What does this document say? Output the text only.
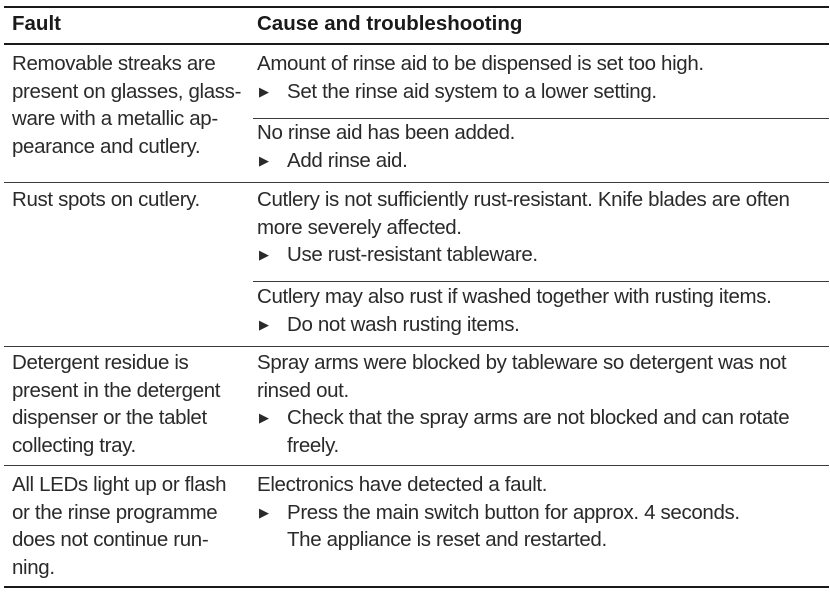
Fault	Cause and troubleshooting
Removable streaks are
present on glasses, glass-
ware with a metallic ap-
pearance and cutlery.
Amount of rinse aid to be dispensed is set too high.
▶ Set the rinse aid system to a lower setting.
No rinse aid has been added.
▶ Add rinse aid.
Rust spots on cutlery.	Cutlery is not sufficiently rust-resistant. Knife blades are often
more severely affected.
▶ Use rust-resistant tableware.
Cutlery may also rust if washed together with rusting items.
▶ Do not wash rusting items.
Detergent residue is
present in the detergent
dispenser or the tablet
collecting tray.
Spray arms were blocked by tableware so detergent was not
rinsed out.
▶ Check that the spray arms are not blocked and can rotate
freely.
All LEDs light up or flash
or the rinse programme
does not continue run-
ning.
Electronics have detected a fault.
▶ Press the main switch button for approx. 4 seconds.
The appliance is reset and restarted.
